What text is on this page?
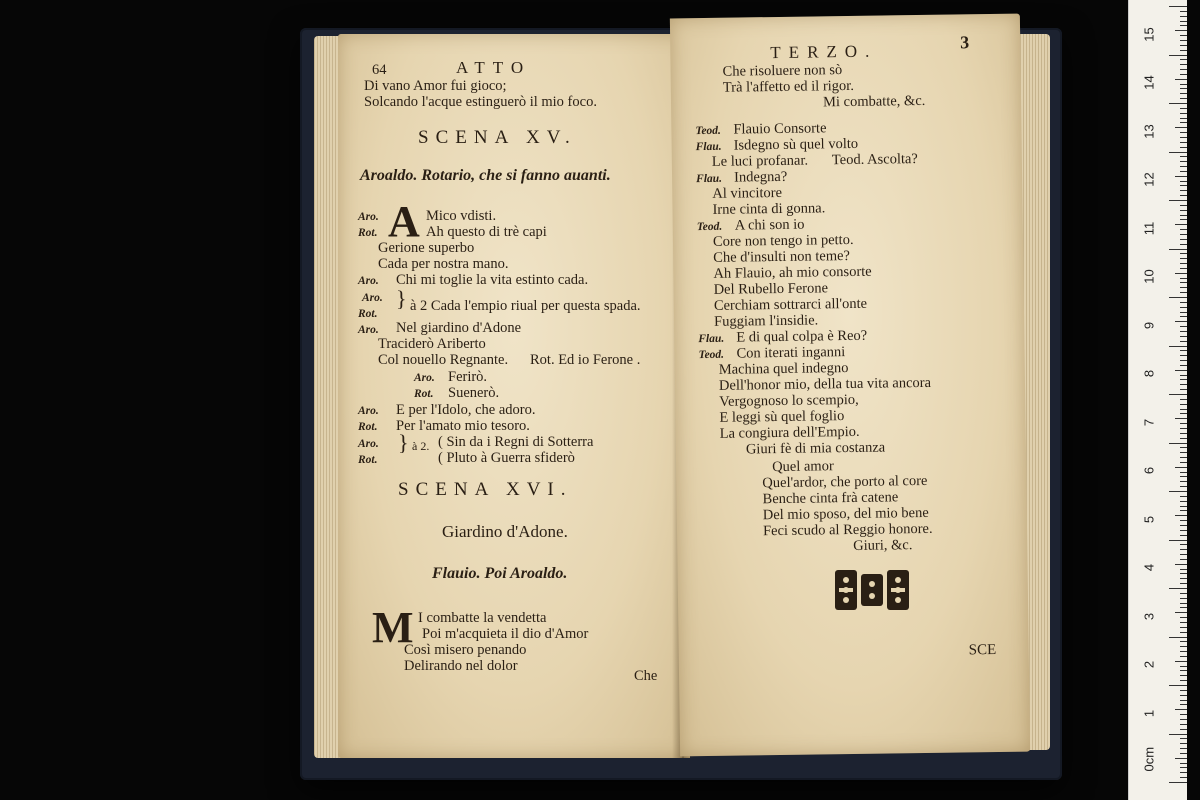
64	ATTO
Di vano Amor fui gioco;
Solcando l'acque estinguerò il mio foco.
SCENA XV.
Aroaldo. Rotario, che si fanno auanti.
A
Aro.	Mico vdisti.
Rot.	Ah questo di trè capi
Gerione superbo
Cada per nostra mano.
Aro. Chi mi toglie la vita estinto cada.
Aro.
Rot.
} à 2 Cada l'empio riual per questa spada.
Aro. Nel giardino d'Adone
Traciderò Ariberto
Col nouello Regnante. Rot. Ed io Ferone .
Aro. Ferirò.
Rot. Suenerò.
Aro. E per l'Idolo, che adoro.
Rot. Per l'amato mio tesoro.
Aro.
Rot.
} à 2. ( Sin da i Regni di Sotterra
( Pluto à Guerra sfiderò
SCENA XVI.
Giardino d'Adone.
Flauio. Poi Aroaldo.
M I combatte la vendetta
Poi m'acquieta il dio d'Amor
Così misero penando
Delirando nel dolor
Che
TERZO.	3
Che risoluere non sò
Trà l'affetto ed il rigor.
Mi combatte, &c.
Teod. Flauio Consorte
Flau. Isdegno sù quel volto
Le luci profanar. Teod. Ascolta?
Flau. Indegna?
Al vincitore
Irne cinta di gonna.
Teod. A chi son io
Core non tengo in petto.
Che d'insulti non teme?
Ah Flauio, ah mio consorte
Del Rubello Ferone
Cerchiam sottrarci all'onte
Fuggiam l'insidie.
Flau. E di qual colpa è Reo?
Teod. Con iterati inganni
Machina quel indegno
Dell'honor mio, della tua vita ancora
Vergognoso lo scempio,
E leggi sù quel foglio
La congiura dell'Empio.
Giuri fè di mia costanza
Quel amor
Quel'ardor, che porto al core
Benche cinta frà catene
Del mio sposo, del mio bene
Feci scudo al Reggio honore.
Giuri, &c.
SCE
0cm
1
2
3
4
5
6
7
8
9
10
11
12
13
14
15
